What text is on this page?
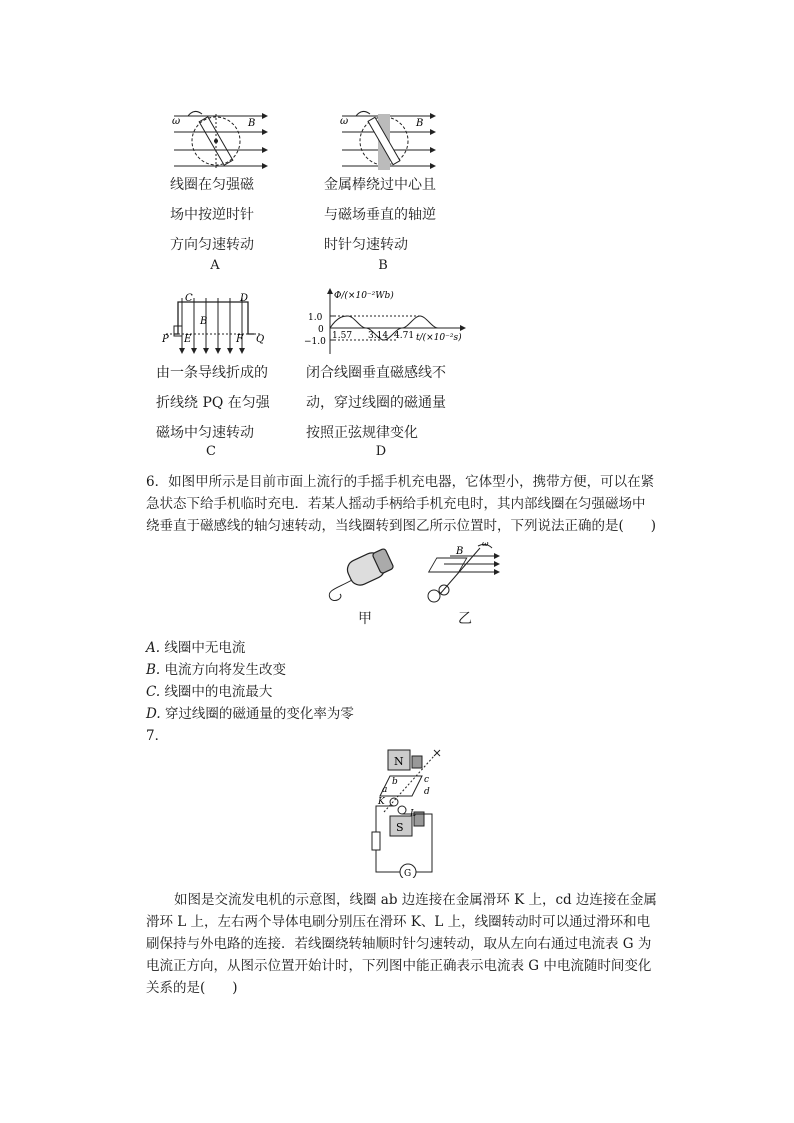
ω	B
线圈在匀强磁
场中按逆时针
方向匀速转动
A
ω	B
金属棒绕过中心且
与磁场垂直的轴逆
时针匀速转动
B
C	D
B
P E	F Q
由一条导线折成的
折线绕 PQ 在匀强
磁场中匀速转动
C
Φ/(×10⁻²Wb)
1.0
0
−1.0
1.57 3.14 4.71 t/(×10⁻²s)
闭合线圈垂直磁感线不
动，穿过线圈的磁通量
按照正弦规律变化
D
6．如图甲所示是目前市面上流行的手摇手机充电器，它体型小，携带方便，可以在紧急状态下给手机临时充电．若某人摇动手柄给手机充电时，其内部线圈在匀强磁场中绕垂直于磁感线的轴匀速转动，当线圈转到图乙所示位置时，下列说法正确的是(　　)
甲
B
ω
乙
A. 线圈中无电流
B. 电流方向将发生改变
C. 线圈中的电流最大
D. 穿过线圈的磁通量的变化率为零
7．
N
S
a
b	c
d
K
L
G
如图是交流发电机的示意图，线圈 ab 边连接在金属滑环 K 上，cd 边连接在金属滑环 L 上，左右两个导体电刷分别压在滑环 K、L 上，线圈转动时可以通过滑环和电刷保持与外电路的连接．若线圈绕转轴顺时针匀速转动，取从左向右通过电流表 G 为电流正方向，从图示位置开始计时，下列图中能正确表示电流表 G 中电流随时间变化关系的是(　　)
